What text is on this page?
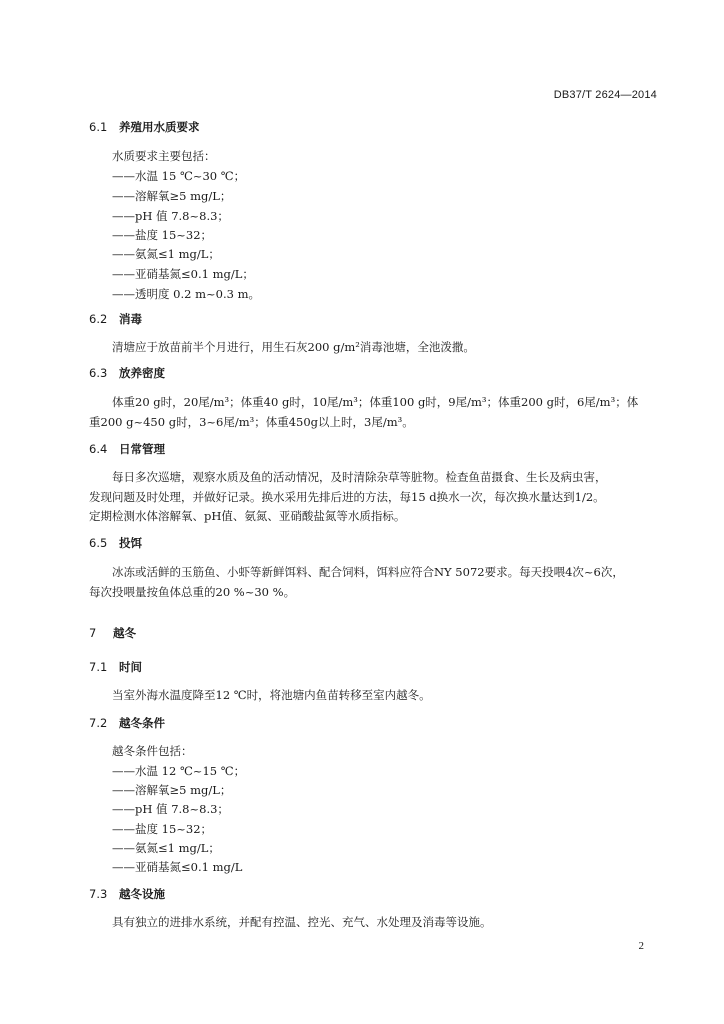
DB37/T 2624—2014
6.1 养殖用水质要求
水质要求主要包括：
——水温 15 ℃~30 ℃；
——溶解氧≥5 mg/L；
——pH 值 7.8~8.3；
——盐度 15~32；
——氨氮≤1 mg/L；
——亚硝基氮≤0.1 mg/L；
——透明度 0.2 m~0.3 m。
6.2 消毒
清塘应于放苗前半个月进行，用生石灰200 g/m²消毒池塘，全池泼撒。
6.3 放养密度
体重20 g时，20尾/m³；体重40 g时，10尾/m³；体重100 g时，9尾/m³；体重200 g时，6尾/m³；体
重200 g~450 g时，3~6尾/m³；体重450g以上时，3尾/m³。
6.4 日常管理
每日多次巡塘，观察水质及鱼的活动情况，及时清除杂草等脏物。检查鱼苗摄食、生长及病虫害，
发现问题及时处理，并做好记录。换水采用先排后进的方法，每15 d换水一次，每次换水量达到1/2。
定期检测水体溶解氧、pH值、氨氮、亚硝酸盐氮等水质指标。
6.5 投饵
冰冻或活鲜的玉筋鱼、小虾等新鲜饵料、配合饲料，饵料应符合NY 5072要求。每天投喂4次~6次，
每次投喂量按鱼体总重的20 %~30 %。
7 越冬
7.1 时间
当室外海水温度降至12 ℃时，将池塘内鱼苗转移至室内越冬。
7.2 越冬条件
越冬条件包括：
——水温 12 ℃~15 ℃；
——溶解氧≥5 mg/L；
——pH 值 7.8~8.3；
——盐度 15~32；
——氨氮≤1 mg/L；
——亚硝基氮≤0.1 mg/L
7.3 越冬设施
具有独立的进排水系统，并配有控温、控光、充气、水处理及消毒等设施。
2
